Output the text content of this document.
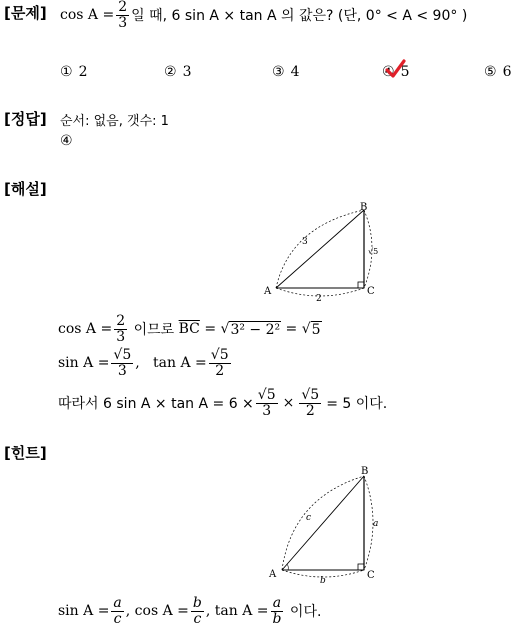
[문제] $\cos A = \frac{2}{3}$ 일 때, 6 sin A × tan A 의 값은? (단, 0° < A < 90° )
① 2	② 3	③ 4	④ 5	⑤ 6
[정답] 순서: 없음, 갯수: 1
④
[해설]
A
B
C
3
2
√5
$\cos A = \frac{2}{3}$ 이므로 $\overline{BC}$ = √ 3² − 2² = √ 5
$\sin A = \frac{√5}{3}$ ,   $\tan A = \frac{√5}{2}$
따라서 6 $\sin A \times \tan A = 6 \times \frac{√5}{3} \times \frac{√5}{2} = 5$ 이다.
[힌트]
A
B
C
c
b
a
$\sin A = \frac{a}{c}$ , $\cos A = \frac{b}{c}$ , $\tan A = \frac{a}{b}$ 이다.
